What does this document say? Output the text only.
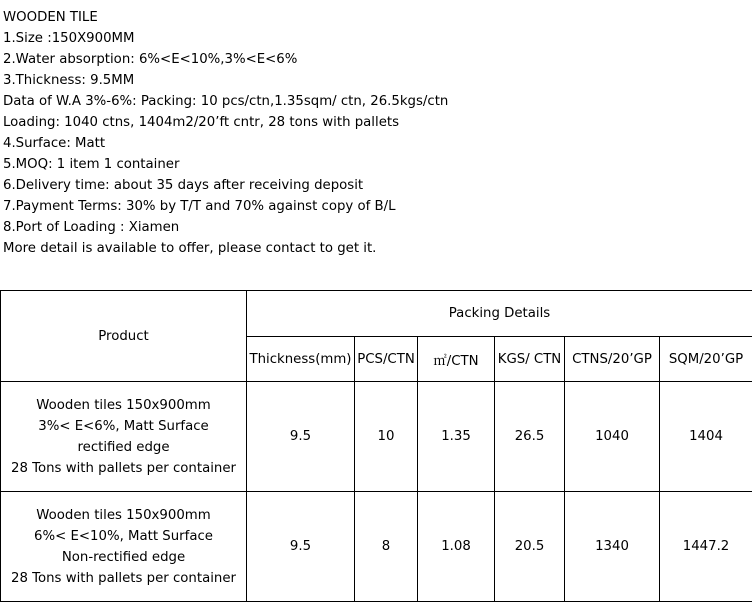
WOODEN TILE
1.Size :150X900MM
2.Water absorption: 6%<E<10%,3%<E<6%
3.Thickness: 9.5MM
Data of W.A 3%-6%: Packing: 10 pcs/ctn,1.35sqm/ ctn, 26.5kgs/ctn
Loading: 1040 ctns, 1404m2/20’ft cntr, 28 tons with pallets
4.Surface: Matt
5.MOQ: 1 item 1 container
6.Delivery time: about 35 days after receiving deposit
7.Payment Terms: 30% by T/T and 70% against copy of B/L
8.Port of Loading : Xiamen
More detail is available to offer, please contact to get it.
Product	Packing Details					
	Thickness(mm)	PCS/CTN	㎡/CTN	KGS/ CTN	CTNS/20’GP	SQM/20’GP

Wooden tiles 150x900mm
3%< E<6%, Matt Surface
rectified edge
28 Tons with pallets per container	9.5	10	1.35	26.5	1040	1404

Wooden tiles 150x900mm
6%< E<10%, Matt Surface
Non-rectified edge
28 Tons with pallets per container	9.5	8	1.08	20.5	1340	1447.2
